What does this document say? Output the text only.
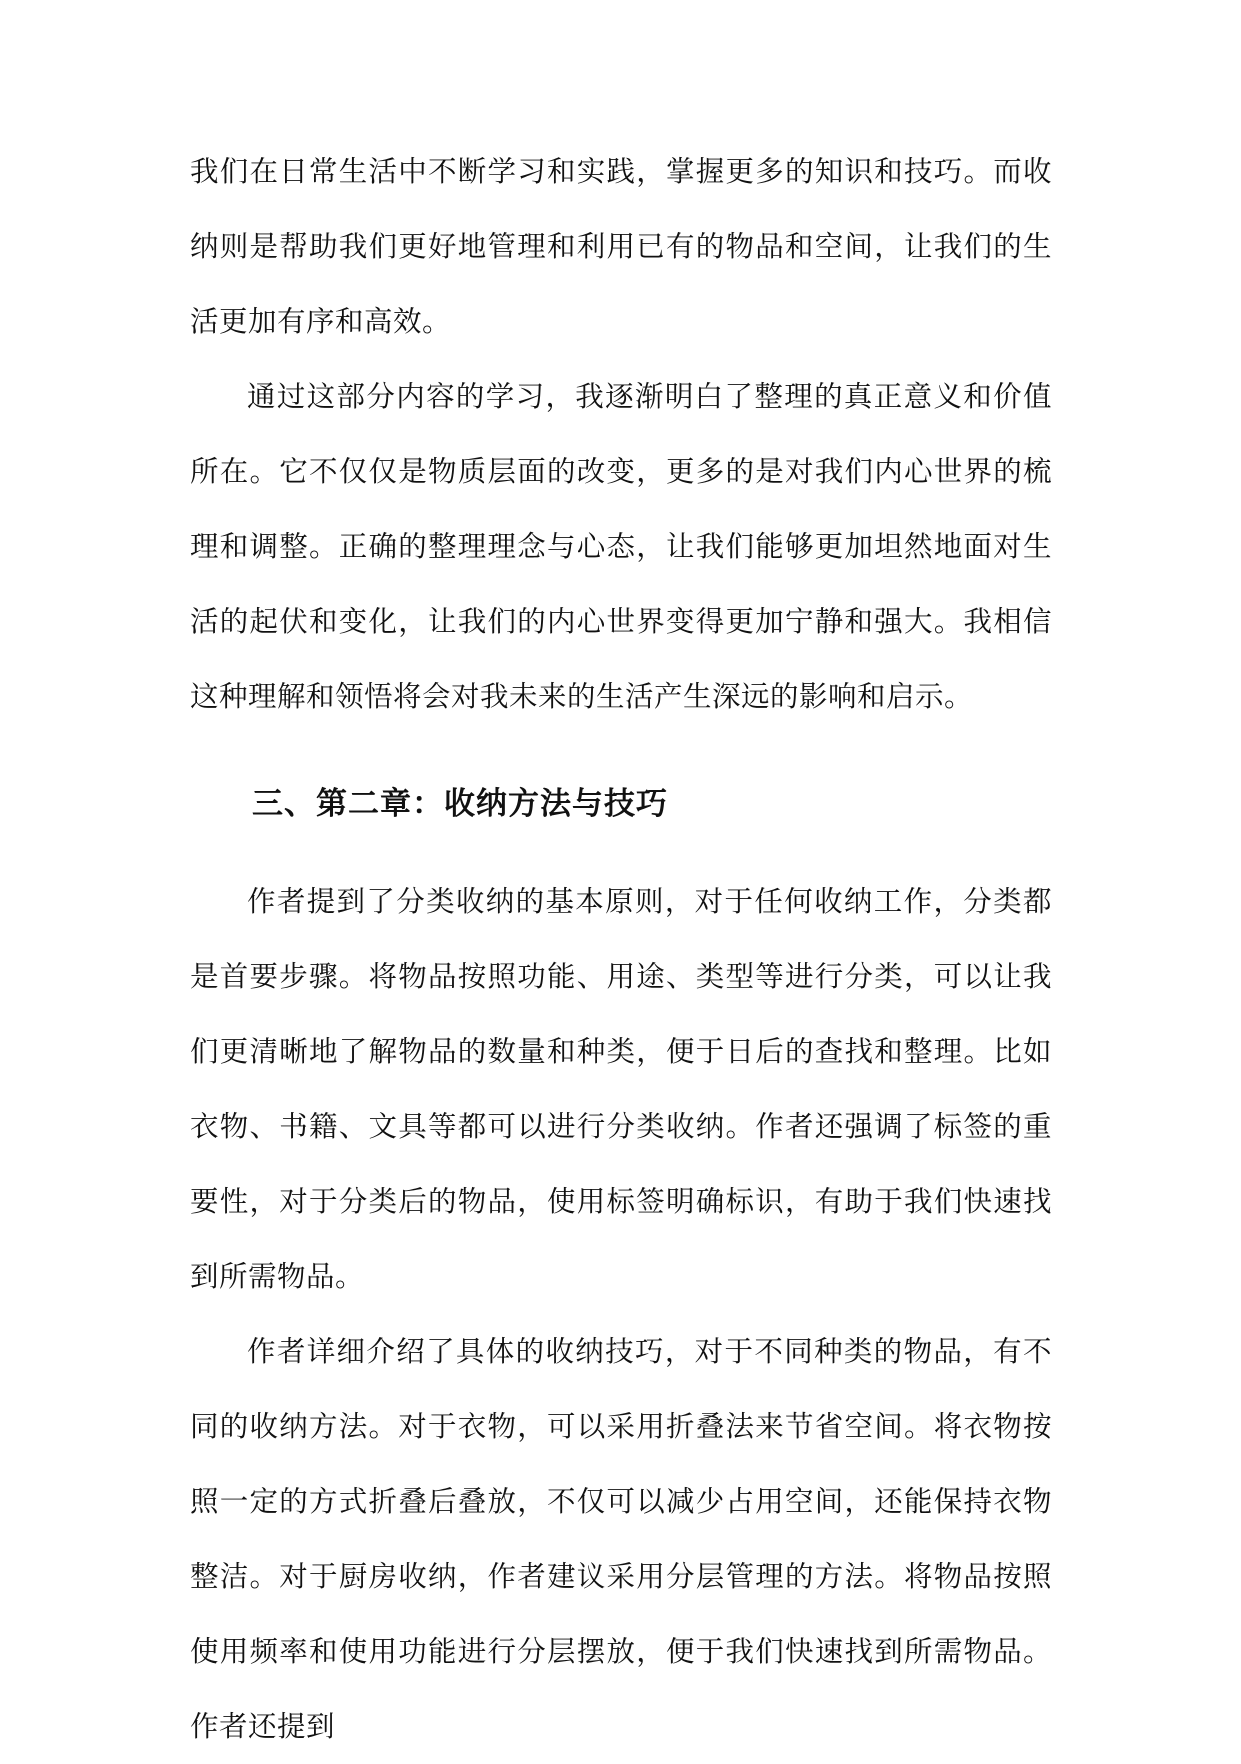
我们在日常生活中不断学习和实践，掌握更多的知识和技巧。而收纳则是帮助我们更好地管理和利用已有的物品和空间，让我们的生活更加有序和高效。

通过这部分内容的学习，我逐渐明白了整理的真正意义和价值所在。它不仅仅是物质层面的改变，更多的是对我们内心世界的梳理和调整。正确的整理理念与心态，让我们能够更加坦然地面对生活的起伏和变化，让我们的内心世界变得更加宁静和强大。我相信这种理解和领悟将会对我未来的生活产生深远的影响和启示。

三、第二章：收纳方法与技巧

作者提到了分类收纳的基本原则，对于任何收纳工作，分类都是首要步骤。将物品按照功能、用途、类型等进行分类，可以让我们更清晰地了解物品的数量和种类，便于日后的查找和整理。比如衣物、书籍、文具等都可以进行分类收纳。作者还强调了标签的重要性，对于分类后的物品，使用标签明确标识，有助于我们快速找到所需物品。

作者详细介绍了具体的收纳技巧，对于不同种类的物品，有不同的收纳方法。对于衣物，可以采用折叠法来节省空间。将衣物按照一定的方式折叠后叠放，不仅可以减少占用空间，还能保持衣物整洁。对于厨房收纳，作者建议采用分层管理的方法。将物品按照使用频率和使用功能进行分层摆放，便于我们快速找到所需物品。作者还提到
